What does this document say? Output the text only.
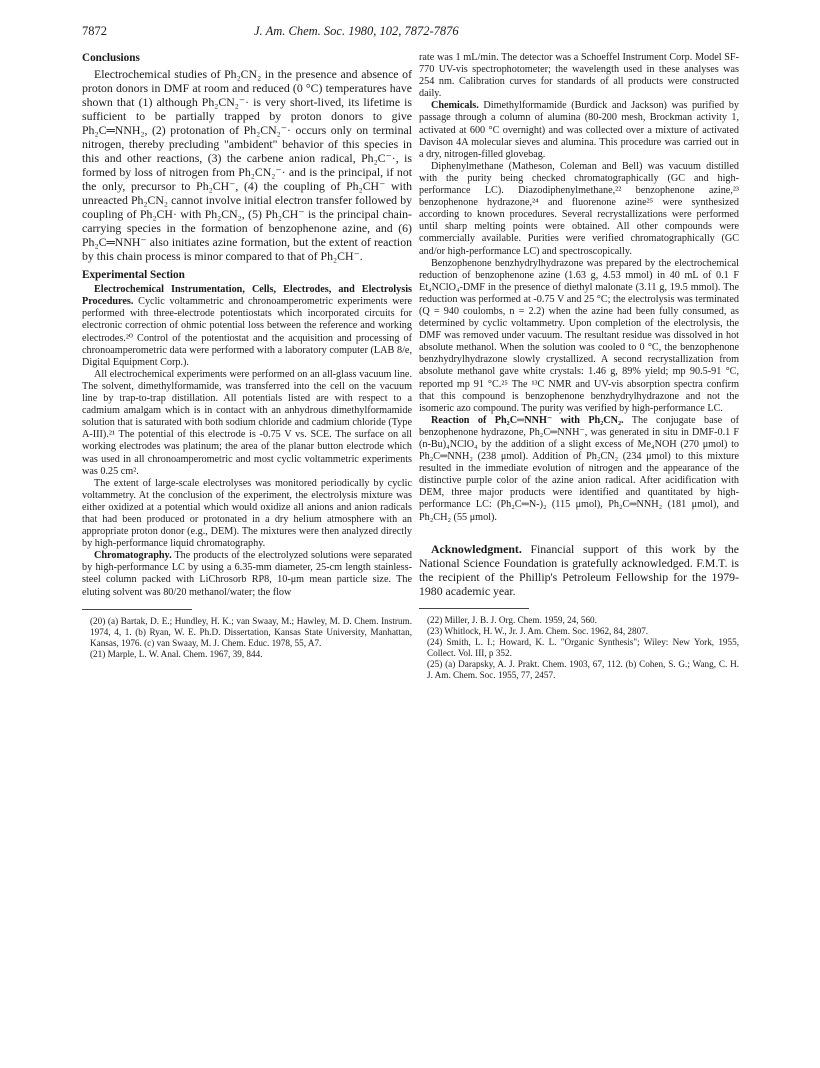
7872	J. Am. Chem. Soc. 1980, 102, 7872-7876
Conclusions

Electrochemical studies of Ph₂CN₂ in the presence and absence of proton donors in DMF at room and reduced (0 °C) temperatures have shown that (1) although Ph₂CN₂⁻· is very short-lived, its lifetime is sufficient to be partially trapped by proton donors to give Ph₂C═NNH₂, (2) protonation of Ph₂CN₂⁻· occurs only on terminal nitrogen, thereby precluding "ambident" behavior of this species in this and other reactions, (3) the carbene anion radical, Ph₂C⁻·, is formed by loss of nitrogen from Ph₂CN₂⁻· and is the principal, if not the only, precursor to Ph₂CH⁻, (4) the coupling of Ph₂CH⁻ with unreacted Ph₂CN₂ cannot involve initial electron transfer followed by coupling of Ph₂CH· with Ph₂CN₂, (5) Ph₂CH⁻ is the principal chain-carrying species in the formation of benzophenone azine, and (6) Ph₂C═NNH⁻ also initiates azine formation, but the extent of reaction by this chain process is minor compared to that of Ph₂CH⁻.

Experimental Section

Electrochemical Instrumentation, Cells, Electrodes, and Electrolysis Procedures. Cyclic voltammetric and chronoamperometric experiments were performed with three-electrode potentiostats which incorporated circuits for electronic correction of ohmic potential loss between the reference and working electrodes.²⁰ Control of the potentiostat and the acquisition and processing of chronoamperometric data were performed with a laboratory computer (LAB 8/e, Digital Equipment Corp.).

All electrochemical experiments were performed on an all-glass vacuum line. The solvent, dimethylformamide, was transferred into the cell on the vacuum line by trap-to-trap distillation. All potentials listed are with respect to a cadmium amalgam which is in contact with an anhydrous dimethylformamide solution that is saturated with both sodium chloride and cadmium chloride (Type A-III).²¹ The potential of this electrode is -0.75 V vs. SCE. The surface on all working electrodes was platinum; the area of the planar button electrode which was used in all chronoamperometric and most cyclic voltammetric experiments was 0.25 cm².

The extent of large-scale electrolyses was monitored periodically by cyclic voltammetry. At the conclusion of the experiment, the electrolysis mixture was either oxidized at a potential which would oxidize all anions and anion radicals that had been produced or protonated in a dry helium atmosphere with an appropriate proton donor (e.g., DEM). The mixtures were then analyzed directly by high-performance liquid chromatography.

Chromatography. The products of the electrolyzed solutions were separated by high-performance LC by using a 6.35-mm diameter, 25-cm length stainless-steel column packed with LiChrosorb RP8, 10-μm mean particle size. The eluting solvent was 80/20 methanol/water; the flow

(20) (a) Bartak, D. E.; Hundley, H. K.; van Swaay, M.; Hawley, M. D. Chem. Instrum. 1974, 4, 1. (b) Ryan, W. E. Ph.D. Dissertation, Kansas State University, Manhattan, Kansas, 1976. (c) van Swaay, M. J. Chem. Educ. 1978, 55, A7.

(21) Marple, L. W. Anal. Chem. 1967, 39, 844.

rate was 1 mL/min. The detector was a Schoeffel Instrument Corp. Model SF-770 UV-vis spectrophotometer; the wavelength used in these analyses was 254 nm. Calibration curves for standards of all products were constructed daily.

Chemicals. Dimethylformamide (Burdick and Jackson) was purified by passage through a column of alumina (80-200 mesh, Brockman activity 1, activated at 600 °C overnight) and was collected over a mixture of activated Davison 4A molecular sieves and alumina. This procedure was carried out in a dry, nitrogen-filled glovebag.

Diphenylmethane (Matheson, Coleman and Bell) was vacuum distilled with the purity being checked chromatographically (GC and high-performance LC). Diazodiphenylmethane,²² benzophenone azine,²³ benzophenone hydrazone,²⁴ and fluorenone azine²⁵ were synthesized according to known procedures. Several recrystallizations were performed until sharp melting points were obtained. All other compounds were commercially available. Purities were verified chromatographically (GC and/or high-performance LC) and spectroscopically.

Benzophenone benzhydrylhydrazone was prepared by the electrochemical reduction of benzophenone azine (1.63 g, 4.53 mmol) in 40 mL of 0.1 F Et₄NClO₄-DMF in the presence of diethyl malonate (3.11 g, 19.5 mmol). The reduction was performed at -0.75 V and 25 °C; the electrolysis was terminated (Q = 940 coulombs, n = 2.2) when the azine had been fully consumed, as determined by cyclic voltammetry. Upon completion of the electrolysis, the DMF was removed under vacuum. The resultant residue was dissolved in hot absolute methanol. When the solution was cooled to 0 °C, the benzophenone benzhydrylhydrazone slowly crystallized. A second recrystallization from absolute methanol gave white crystals: 1.46 g, 89% yield; mp 90.5-91 °C, reported mp 91 °C.²⁵ The ¹³C NMR and UV-vis absorption spectra confirm that this compound is benzophenone benzhydrylhydrazone and not the isomeric azo compound. The purity was verified by high-performance LC.

Reaction of Ph₂C═NNH⁻ with Ph₂CN₂. The conjugate base of benzophenone hydrazone, Ph₂C═NNH⁻, was generated in situ in DMF-0.1 F (n-Bu)₄NClO₄ by the addition of a slight excess of Me₄NOH (270 μmol) to Ph₂C═NNH₂ (238 μmol). Addition of Ph₂CN₂ (234 μmol) to this mixture resulted in the immediate evolution of nitrogen and the appearance of the distinctive purple color of the azine anion radical. After acidification with DEM, three major products were identified and quantitated by high-performance LC: (Ph₂C═N-)₂ (115 μmol), Ph₂C═NNH₂ (181 μmol), and Ph₂CH₂ (55 μmol).

Acknowledgment. Financial support of this work by the National Science Foundation is gratefully acknowledged. F.M.T. is the recipient of the Phillip's Petroleum Fellowship for the 1979-1980 academic year.

(22) Miller, J. B. J. Org. Chem. 1959, 24, 560.

(23) Whitlock, H. W., Jr. J. Am. Chem. Soc. 1962, 84, 2807.

(24) Smith, L. I.; Howard, K. L. "Organic Synthesis"; Wiley: New York, 1955, Collect. Vol. III, p 352.

(25) (a) Darapsky, A. J. Prakt. Chem. 1903, 67, 112. (b) Cohen, S. G.; Wang, C. H. J. Am. Chem. Soc. 1955, 77, 2457.
